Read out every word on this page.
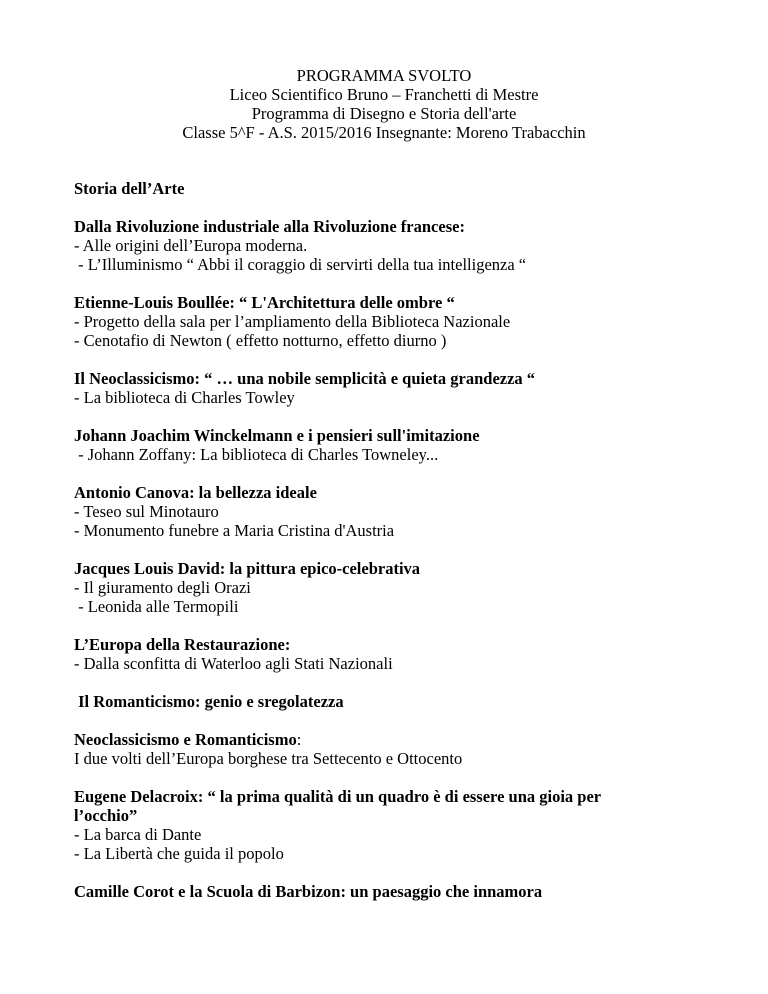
PROGRAMMA SVOLTO
Liceo Scientifico Bruno – Franchetti di Mestre
Programma di Disegno e Storia dell'arte
Classe 5^F - A.S. 2015/2016 Insegnante: Moreno Trabacchin
Storia dell’Arte
Dalla Rivoluzione industriale alla Rivoluzione francese:
- Alle origini dell’Europa moderna.
- L’Illuminismo “ Abbi il coraggio di servirti della tua intelligenza “
Etienne-Louis Boullée: “ L'Architettura delle ombre “
- Progetto della sala per l’ampliamento della Biblioteca Nazionale
- Cenotafio di Newton ( effetto notturno, effetto diurno )
Il Neoclassicismo: “ … una nobile semplicità e quieta grandezza “
- La biblioteca di Charles Towley
Johann Joachim Winckelmann e i pensieri sull'imitazione
- Johann Zoffany: La biblioteca di Charles Towneley...
Antonio Canova: la bellezza ideale
- Teseo sul Minotauro
- Monumento funebre a Maria Cristina d'Austria
Jacques Louis David: la pittura epico-celebrativa
- Il giuramento degli Orazi
- Leonida alle Termopili
L’Europa della Restaurazione:
- Dalla sconfitta di Waterloo agli Stati Nazionali
Il Romanticismo: genio e sregolatezza
Neoclassicismo e Romanticismo:
I due volti dell’Europa borghese tra Settecento e Ottocento
Eugene Delacroix: “ la prima qualità di un quadro è di essere una gioia per
l’occhio”
- La barca di Dante
- La Libertà che guida il popolo
Camille Corot e la Scuola di Barbizon: un paesaggio che innamora
